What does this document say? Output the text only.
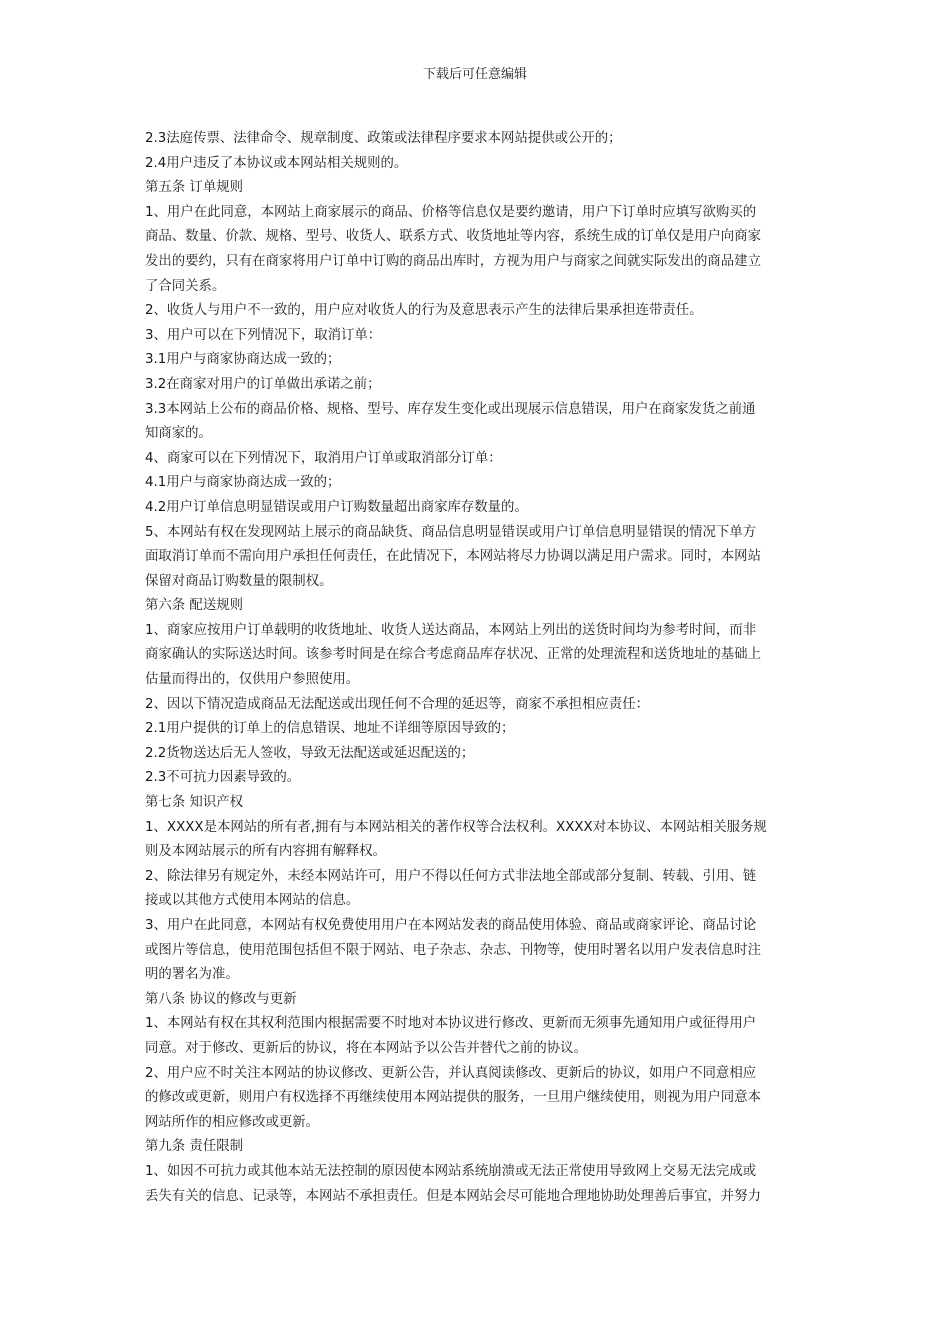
下载后可任意编辑
2.3法庭传票、法律命令、规章制度、政策或法律程序要求本网站提供或公开的；
2.4用户违反了本协议或本网站相关规则的。
第五条 订单规则
1、用户在此同意，本网站上商家展示的商品、价格等信息仅是要约邀请，用户下订单时应填写欲购买的
商品、数量、价款、规格、型号、收货人、联系方式、收货地址等内容，系统生成的订单仅是用户向商家
发出的要约，只有在商家将用户订单中订购的商品出库时，方视为用户与商家之间就实际发出的商品建立
了合同关系。
2、收货人与用户不一致的，用户应对收货人的行为及意思表示产生的法律后果承担连带责任。
3、用户可以在下列情况下，取消订单：
3.1用户与商家协商达成一致的；
3.2在商家对用户的订单做出承诺之前；
3.3本网站上公布的商品价格、规格、型号、库存发生变化或出现展示信息错误，用户在商家发货之前通
知商家的。
4、商家可以在下列情况下，取消用户订单或取消部分订单：
4.1用户与商家协商达成一致的；
4.2用户订单信息明显错误或用户订购数量超出商家库存数量的。
5、本网站有权在发现网站上展示的商品缺货、商品信息明显错误或用户订单信息明显错误的情况下单方
面取消订单而不需向用户承担任何责任，在此情况下，本网站将尽力协调以满足用户需求。同时，本网站
保留对商品订购数量的限制权。
第六条 配送规则
1、商家应按用户订单载明的收货地址、收货人送达商品，本网站上列出的送货时间均为参考时间，而非
商家确认的实际送达时间。该参考时间是在综合考虑商品库存状况、正常的处理流程和送货地址的基础上
估量而得出的，仅供用户参照使用。
2、因以下情况造成商品无法配送或出现任何不合理的延迟等，商家不承担相应责任：
2.1用户提供的订单上的信息错误、地址不详细等原因导致的；
2.2货物送达后无人签收，导致无法配送或延迟配送的；
2.3不可抗力因素导致的。
第七条 知识产权
1、XXXX是本网站的所有者,拥有与本网站相关的著作权等合法权利。XXXX对本协议、本网站相关服务规
则及本网站展示的所有内容拥有解释权。
2、除法律另有规定外，未经本网站许可，用户不得以任何方式非法地全部或部分复制、转载、引用、链
接或以其他方式使用本网站的信息。
3、用户在此同意，本网站有权免费使用用户在本网站发表的商品使用体验、商品或商家评论、商品讨论
或图片等信息，使用范围包括但不限于网站、电子杂志、杂志、刊物等，使用时署名以用户发表信息时注
明的署名为准。
第八条 协议的修改与更新
1、本网站有权在其权利范围内根据需要不时地对本协议进行修改、更新而无须事先通知用户或征得用户
同意。对于修改、更新后的协议，将在本网站予以公告并替代之前的协议。
2、用户应不时关注本网站的协议修改、更新公告，并认真阅读修改、更新后的协议，如用户不同意相应
的修改或更新，则用户有权选择不再继续使用本网站提供的服务，一旦用户继续使用，则视为用户同意本
网站所作的相应修改或更新。
第九条 责任限制
1、如因不可抗力或其他本站无法控制的原因使本网站系统崩溃或无法正常使用导致网上交易无法完成或
丢失有关的信息、记录等，本网站不承担责任。但是本网站会尽可能地合理地协助处理善后事宜，并努力
